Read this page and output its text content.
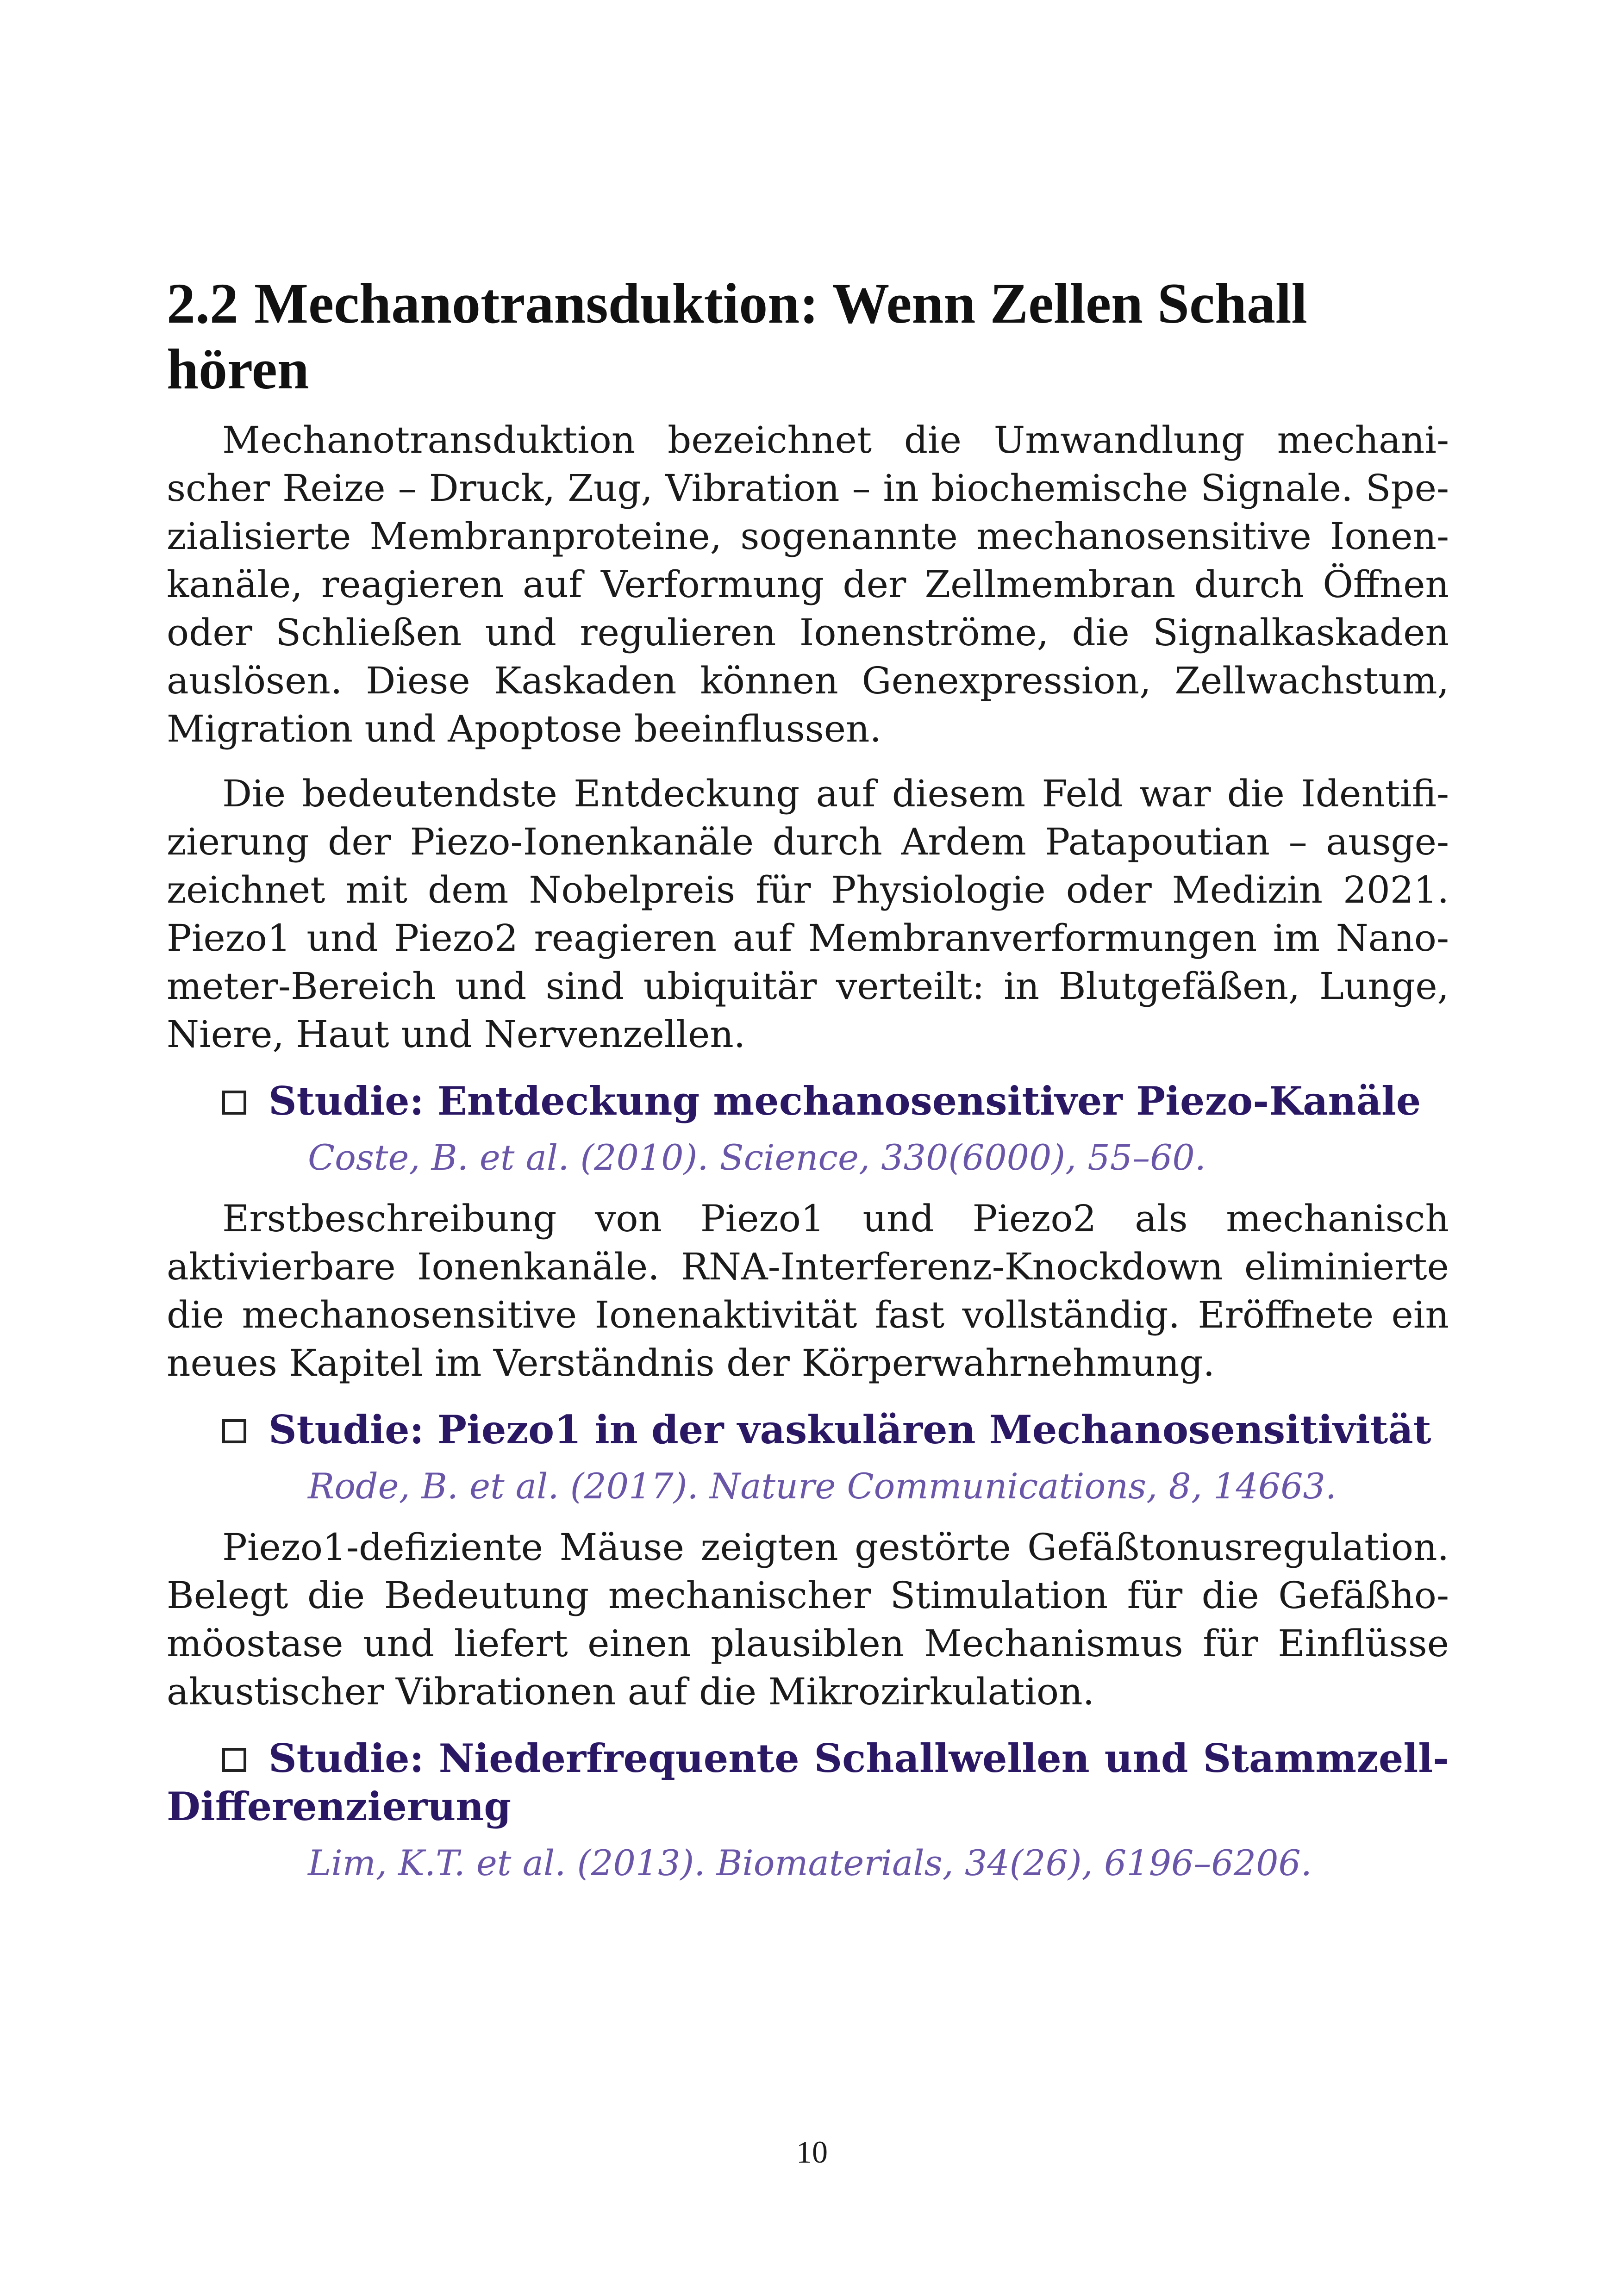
2.2 Mechanotransduktion: Wenn Zellen Schall hören

Mechanotransduktion bezeichnet die Umwandlung mechanischer Reize – Druck, Zug, Vibration – in biochemische Signale. Spezialisierte Membranproteine, sogenannte mechanosensitive Ionenkanäle, reagieren auf Verformung der Zellmembran durch Öffnen oder Schließen und regulieren Ionenströme, die Signalkaskaden auslösen. Diese Kaskaden können Genexpression, Zellwachstum, Migration und Apoptose beeinflussen.

Die bedeutendste Entdeckung auf diesem Feld war die Identifizierung der Piezo-Ionenkanäle durch Ardem Patapoutian – ausgezeichnet mit dem Nobelpreis für Physiologie oder Medizin 2021. Piezo1 und Piezo2 reagieren auf Membranverformungen im Nanometer-Bereich und sind ubiquitär verteilt: in Blutgefäßen, Lunge, Niere, Haut und Nervenzellen.

Studie: Entdeckung mechanosensitiver Piezo-Kanäle
Coste, B. et al. (2010). Science, 330(6000), 55–60.

Erstbeschreibung von Piezo1 und Piezo2 als mechanisch aktivierbare Ionenkanäle. RNA-Interferenz-Knockdown eliminierte die mechanosensitive Ionenaktivität fast vollständig. Eröffnete ein neues Kapitel im Verständnis der Körperwahrnehmung.

Studie: Piezo1 in der vaskulären Mechanosensitivität
Rode, B. et al. (2017). Nature Communications, 8, 14663.

Piezo1-defiziente Mäuse zeigten gestörte Gefäßtonusregulation. Belegt die Bedeutung mechanischer Stimulation für die Gefäßhomöostase und liefert einen plausiblen Mechanismus für Einflüsse akustischer Vibrationen auf die Mikrozirkulation.

Studie: Niederfrequente Schallwellen und Stammzell-Differenzierung
Lim, K.T. et al. (2013). Biomaterials, 34(26), 6196–6206.
10
